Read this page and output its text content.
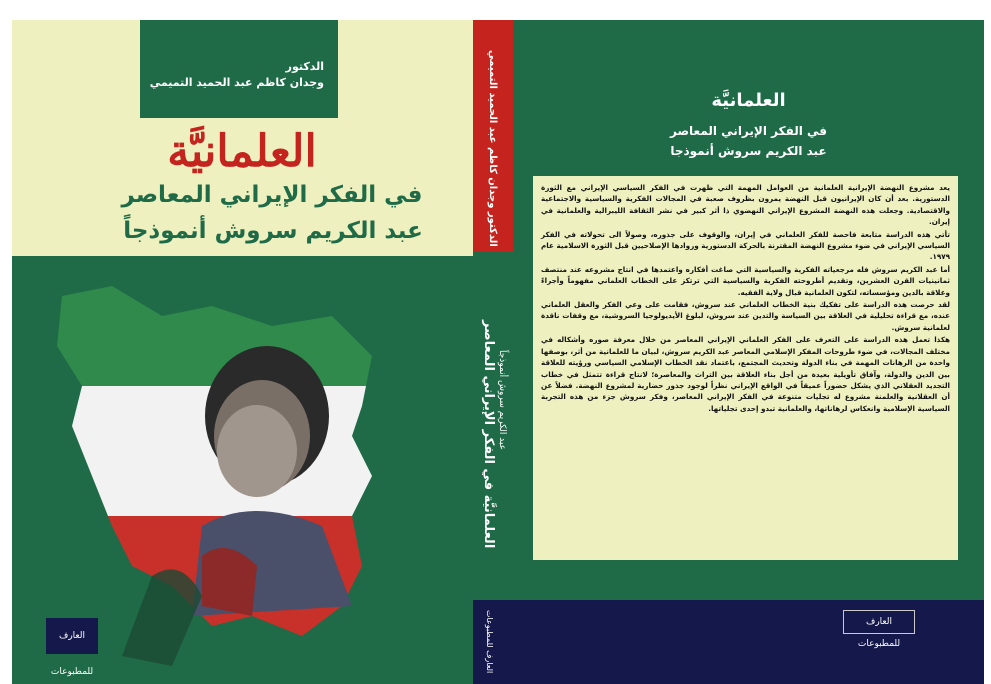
الدكتور
وجدان كاظم عبد الحميد التميمي
العلمانيَّة
في الفكر الإيراني المعاصر
عبد الكريم سروش أنموذجاً
العارف للمطبوعات
الدكتور وجدان كاظم عبد الحميد التميمي
العلمانيَّة في الفكر الإيراني المعاصر عبد الكريم سروش أنموذجاً
العارف للمطبوعات
العلمانيَّة
في الفكر الإيراني المعاصر
عبد الكريم سروش أنموذجا

يعد مشروع النهضة الإيرانية العلمانية من العوامل المهمة التي ظهرت في الفكر السياسي الإيراني مع الثورة الدستورية. بعد أن كان الإيرانيون قبل النهضة يمرون بظروف صعبة في المجالات الفكرية والسياسية والاجتماعية والاقتصادية. وجعلت هذه النهضة المشروع الإيراني النهضوي ذا أثر كبير في نشر الثقافة الليبرالية والعلمانية في إيران.

تأتي هذه الدراسة متابعة فاحصة للفكر العلماني في إيران، والوقوف على جذوره، وصولاً الى تحولاته في الفكر السياسي الإيراني في ضوء مشروع النهضة المقترنة بالحركة الدستورية وروادها الإصلاحيين قبل الثورة الاسلامية عام ١٩٧٩.

أما عبد الكريم سروش فله مرجعياته الفكرية والسياسية التي صاغت أفكاره واعتمدها في انتاج مشروعه عند منتصف ثمانينيات القرن العشرين، وتقديم أطروحته الفكرية والسياسية التي ترتكز على الخطاب العلماني مفهوماً وأجراءً وعلاقة بالدين ومؤسساته، لتكون العلمانية قبال ولاية الفقيه.

لقد حرصت هذه الدراسة على تفكيك بنية الخطاب العلماني عند سروش، فقامت على وعي الفكر والعقل العلماني عنده، مع قراءة تحليلية في العلاقة بين السياسة والتدين عند سروش، لبلوغ الأيديولوجيا السروشية، مع وقفات ناقدة لعلمانية سروش.

هكذا تعمل هذه الدراسة على التعرف على الفكر العلماني الإيراني المعاصر من خلال معرفة صوره وأشكاله في مختلف المجالات، في ضوء طروحات المفكر الإسلامي المعاصر عبد الكريم سروش، لبيان ما للعلمانية من أثر، بوصفها واحدة من الرهانات المهمة في بناء الدولة وتحديث المجتمع، باعتماد نقد الخطاب الإسلامي السياسي ورؤيته للعلاقة بين الدين والدولة، وآفاق تأويلية بعيدة من أجل بناء العلاقة بين التراث والمعاصرة؛ لانتاج قراءة تتمثل في خطاب التجديد العقلاني الذي يشكل حضوراً عميقاً في الواقع الإيراني نظراً لوجود جذور حضارية لمشروع النهضة. فضلاً عن أن العقلانية والعلمنة مشروع له تجليات متنوعة في الفكر الإيراني المعاصر، وفكر سروش جزء من هذه التجربة السياسية الإسلامية وانعكاس لرهاناتها، والعلمانية تبدو إحدى تجلياتها.

العارف للمطبوعات
